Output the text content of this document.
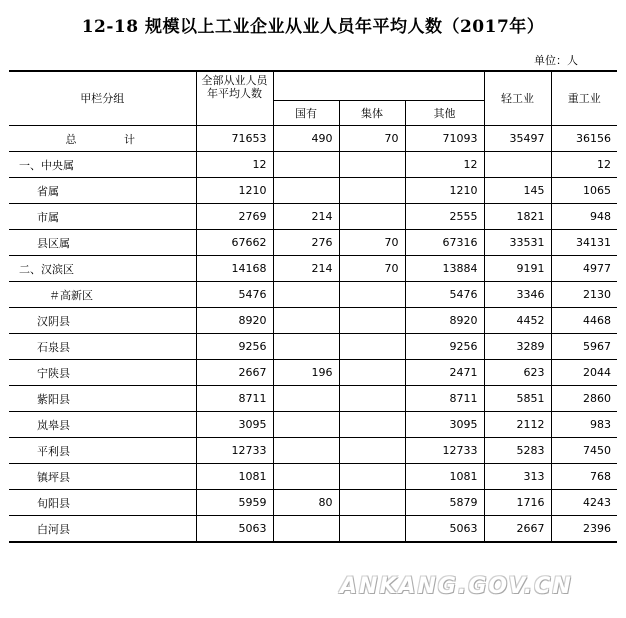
12-18 规模以上工业企业从业人员年平均人数（2017年）
单位：人
甲栏分组	全部从业人员年平均人数				轻工业	重工业
		国有	集体	其他		
总 计	71653	490	70	71093	35497	36156
一、中央属	12			12		12
省属	1210			1210	145	1065
市属	2769	214		2555	1821	948
县区属	67662	276	70	67316	33531	34131
二、汉滨区	14168	214	70	13884	9191	4977
＃高新区	5476			5476	3346	2130
汉阴县	8920			8920	4452	4468
石泉县	9256			9256	3289	5967
宁陕县	2667	196		2471	623	2044
紫阳县	8711			8711	5851	2860
岚皋县	3095			3095	2112	983
平利县	12733			12733	5283	7450
镇坪县	1081			1081	313	768
旬阳县	5959	80		5879	1716	4243
白河县	5063			5063	2667	2396
ANKANG.GOV.CN
